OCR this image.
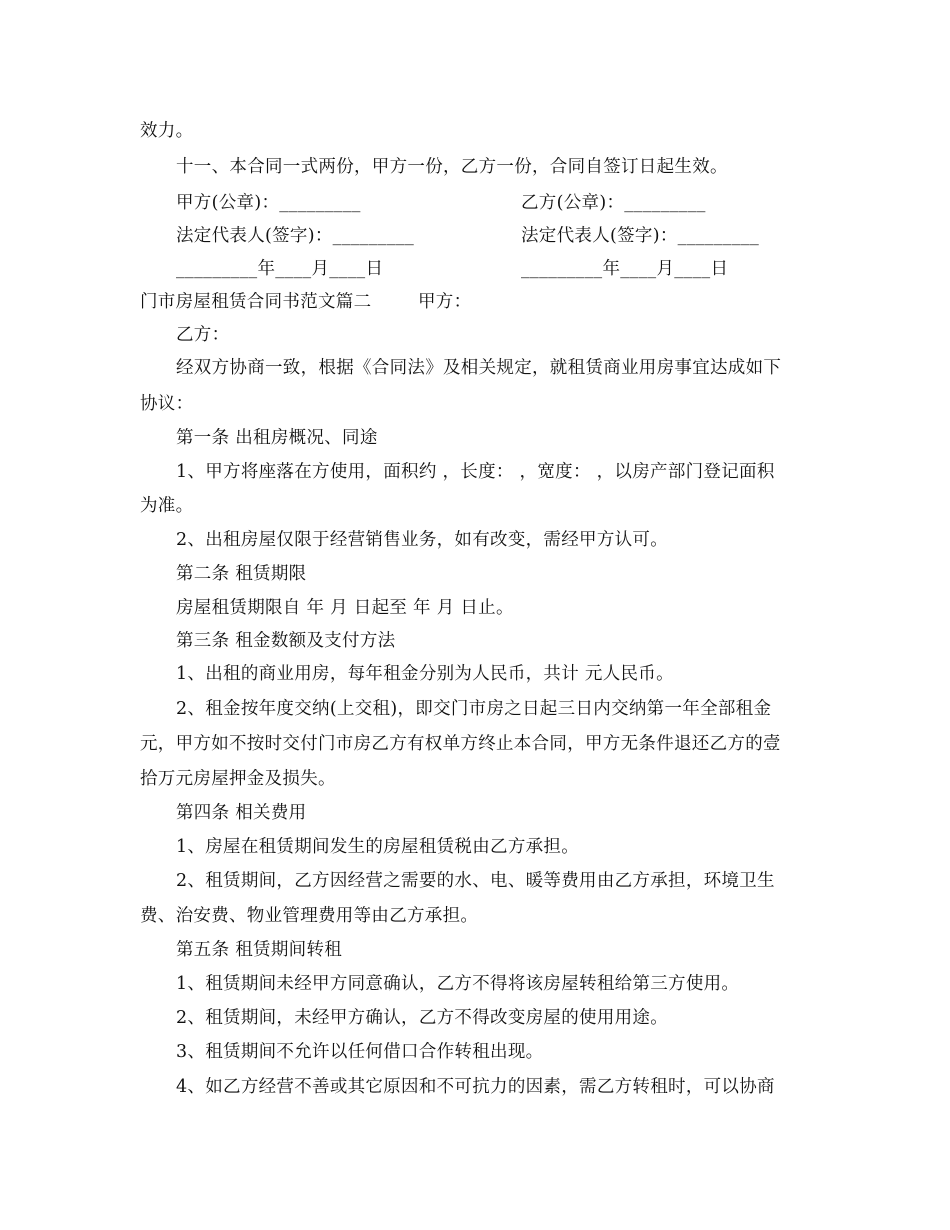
效力。
十一、本合同一式两份，甲方一份，乙方一份，合同自签订日起生效。
甲方(公章)：_________	乙方(公章)：_________
法定代表人(签字)：_________	法定代表人(签字)：_________
_________年____月____日	_________年____月____日
门市房屋租赁合同书范文篇二	甲方：
乙方：
经双方协商一致，根据《合同法》及相关规定，就租赁商业用房事宜达成如下
协议：
第一条 出租房概况、同途
1、甲方将座落在方使用，面积约 ，长度： ，宽度： ，以房产部门登记面积
为准。
2、出租房屋仅限于经营销售业务，如有改变，需经甲方认可。
第二条 租赁期限
房屋租赁期限自 年 月 日起至 年 月 日止。
第三条 租金数额及支付方法
1、出租的商业用房，每年租金分别为人民币，共计 元人民币。
2、租金按年度交纳(上交租)，即交门市房之日起三日内交纳第一年全部租金
元，甲方如不按时交付门市房乙方有权单方终止本合同，甲方无条件退还乙方的壹
拾万元房屋押金及损失。
第四条 相关费用
1、房屋在租赁期间发生的房屋租赁税由乙方承担。
2、租赁期间，乙方因经营之需要的水、电、暖等费用由乙方承担，环境卫生
费、治安费、物业管理费用等由乙方承担。
第五条 租赁期间转租
1、租赁期间未经甲方同意确认，乙方不得将该房屋转租给第三方使用。
2、租赁期间，未经甲方确认，乙方不得改变房屋的使用用途。
3、租赁期间不允许以任何借口合作转租出现。
4、如乙方经营不善或其它原因和不可抗力的因素，需乙方转租时，可以协商
